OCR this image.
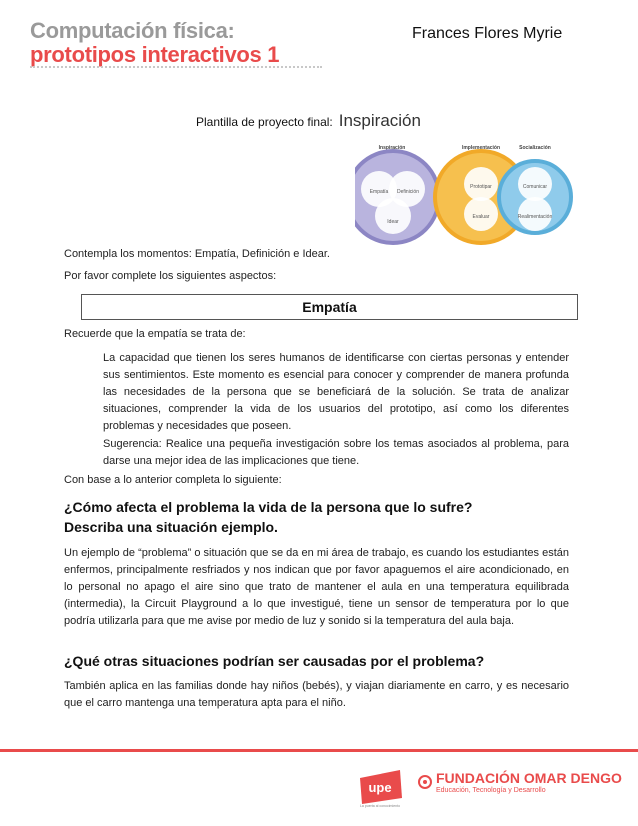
Computación física:
prototipos interactivos 1
Frances Flores Myrie
Plantilla de proyecto final: Inspiración
Inspiración
Empatía Definición
Idear
Implementación
Prototipar
Evaluar
Socialización
Comunicar
Realimentación
Contempla los momentos: Empatía, Definición e Idear.
Por favor complete los siguientes aspectos:
Empatía
Recuerde que la empatía se trata de:
La capacidad que tienen los seres humanos de identificarse con ciertas personas y entender sus sentimientos. Este momento es esencial para conocer y comprender de manera profunda las necesidades de la persona que se beneficiará de la solución. Se trata de analizar situaciones, comprender la vida de los usuarios del prototipo, así como los diferentes problemas y necesidades que poseen.
Sugerencia: Realice una pequeña investigación sobre los temas asociados al problema, para darse una mejor idea de las implicaciones que tiene.
Con base a lo anterior completa lo siguiente:
¿Cómo afecta el problema la vida de la persona que lo sufre? Describa una situación ejemplo.
Un ejemplo de “problema” o situación que se da en mi área de trabajo, es cuando los estudiantes están enfermos, principalmente resfriados y nos indican que por favor apaguemos el aire acondicionado, en lo personal no apago el aire sino que trato de mantener el aula en una temperatura equilibrada (intermedia), la Circuit Playground a lo que investigué, tiene un sensor de temperatura por lo que podría utilizarla para que me avise por medio de luz y sonido si la temperatura del aula baja.
¿Qué otras situaciones podrían ser causadas por el problema?
También aplica en las familias donde hay niños (bebés), y viajan diariamente en carro, y es necesario que el carro mantenga una temperatura apta para el niño.
upe
La puerta al conocimiento
FUNDACIÓN OMAR DENGO
Educación, Tecnología y Desarrollo
